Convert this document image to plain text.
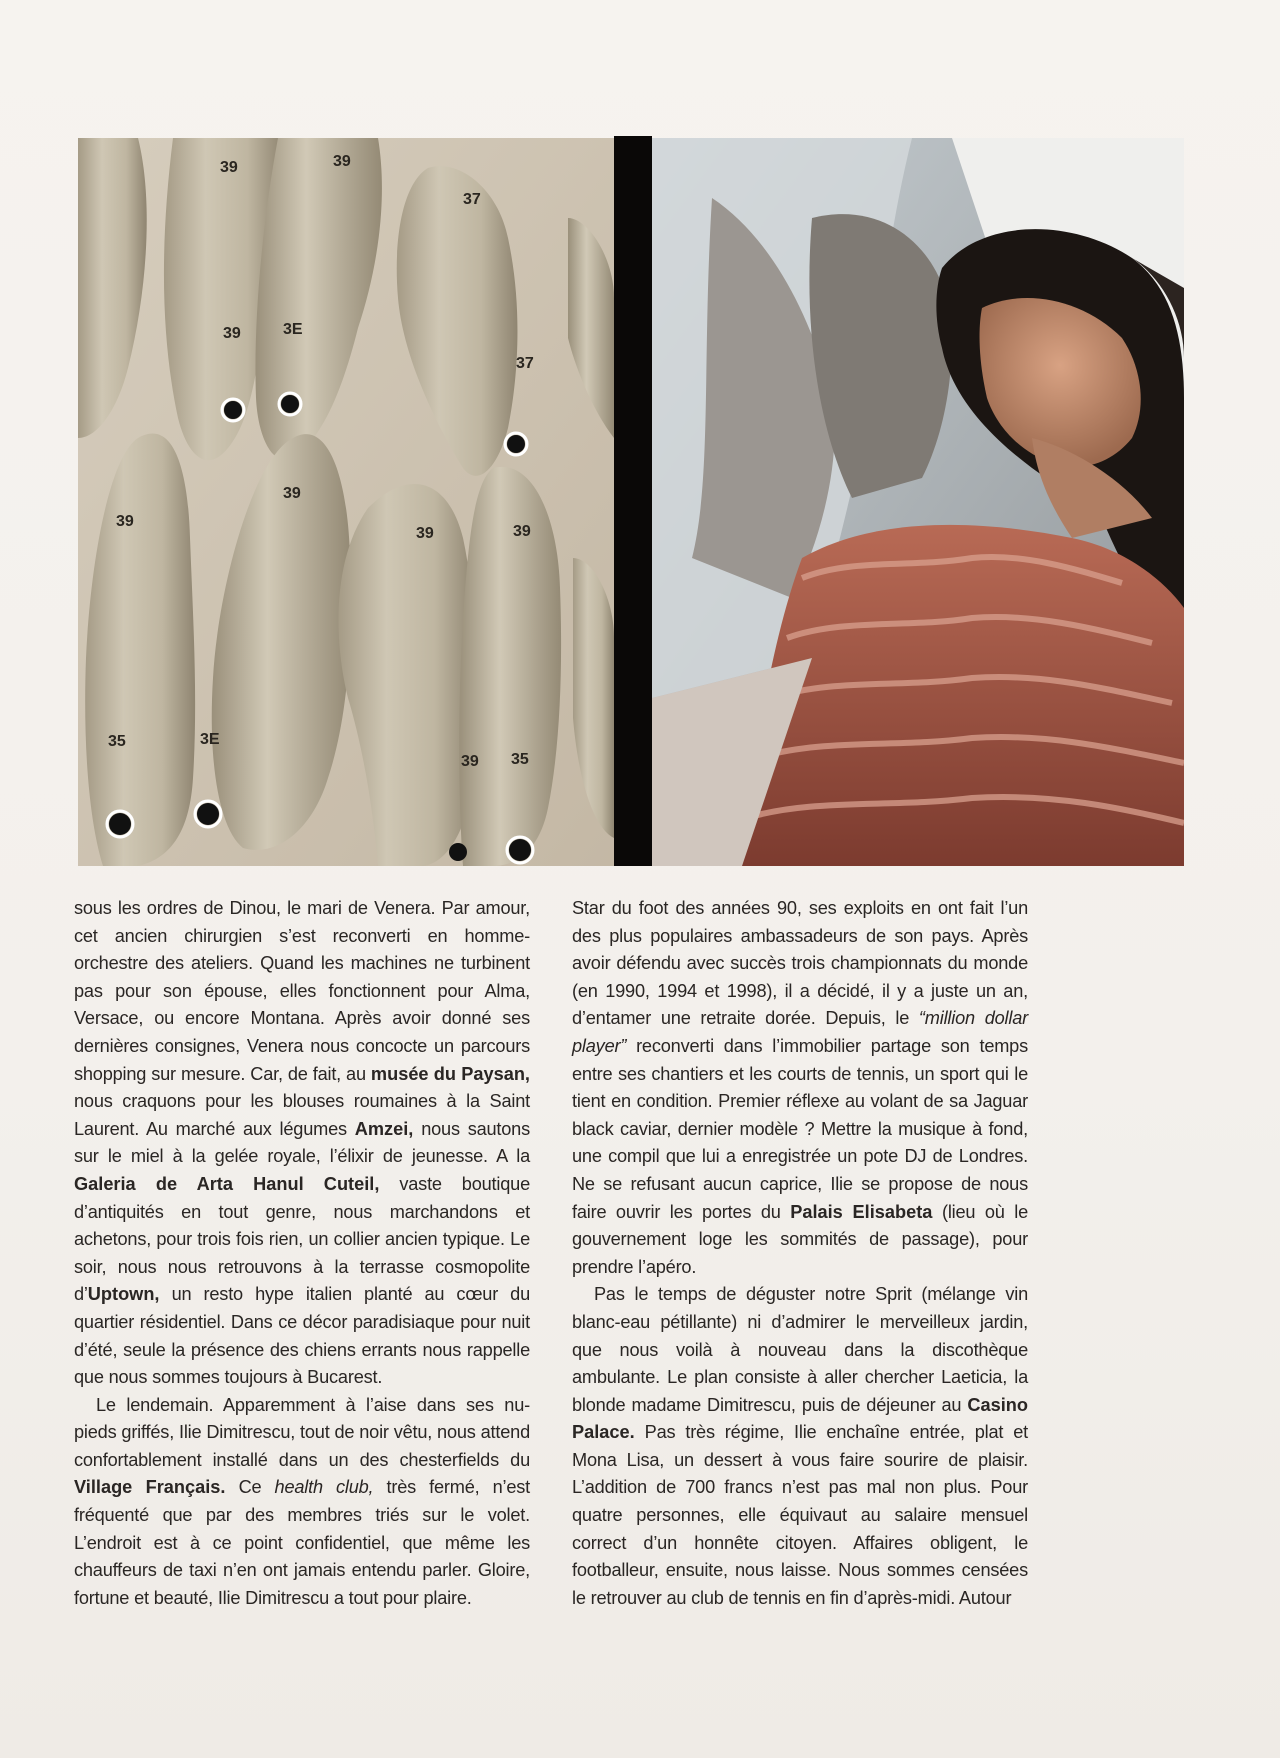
39	39
37
39	3E
37
39
39
39	39
35	3E
39 35

sous les ordres de Dinou, le mari de Venera. Par amour, cet ancien chirurgien s’est reconverti en homme-orchestre des ateliers. Quand les machines ne turbinent pas pour son épouse, elles fonctionnent pour Alma, Versace, ou encore Montana. Après avoir donné ses dernières consignes, Venera nous concocte un parcours shopping sur mesure. Car, de fait, au musée du Paysan, nous craquons pour les blouses roumaines à la Saint Laurent. Au marché aux légumes Amzei, nous sautons sur le miel à la gelée royale, l’élixir de jeunesse. A la Galeria de Arta Hanul Cuteil, vaste boutique d’antiquités en tout genre, nous marchandons et achetons, pour trois fois rien, un collier ancien typique. Le soir, nous nous retrouvons à la terrasse cosmopolite d’Uptown, un resto hype italien planté au cœur du quartier résidentiel. Dans ce décor paradisiaque pour nuit d’été, seule la présence des chiens errants nous rappelle que nous sommes toujours à Bucarest.

Le lendemain. Apparemment à l’aise dans ses nu-pieds griffés, Ilie Dimitrescu, tout de noir vêtu, nous attend confortablement installé dans un des chesterfields du Village Français. Ce health club, très fermé, n’est fréquenté que par des membres triés sur le volet. L’endroit est à ce point confidentiel, que même les chauffeurs de taxi n’en ont jamais entendu parler. Gloire, fortune et beauté, Ilie Dimitrescu a tout pour plaire.

Star du foot des années 90, ses exploits en ont fait l’un des plus populaires ambassadeurs de son pays. Après avoir défendu avec succès trois championnats du monde (en 1990, 1994 et 1998), il a décidé, il y a juste un an, d’entamer une retraite dorée. Depuis, le “million dollar player” reconverti dans l’immobilier partage son temps entre ses chantiers et les courts de tennis, un sport qui le tient en condition. Premier réflexe au volant de sa Jaguar black caviar, dernier modèle ? Mettre la musique à fond, une compil que lui a enregistrée un pote DJ de Londres. Ne se refusant aucun caprice, Ilie se propose de nous faire ouvrir les portes du Palais Elisabeta (lieu où le gouvernement loge les sommités de passage), pour prendre l’apéro.

Pas le temps de déguster notre Sprit (mélange vin blanc-eau pétillante) ni d’admirer le merveilleux jardin, que nous voilà à nouveau dans la discothèque ambulante. Le plan consiste à aller chercher Laeticia, la blonde madame Dimitrescu, puis de déjeuner au Casino Palace. Pas très régime, Ilie enchaîne entrée, plat et Mona Lisa, un dessert à vous faire sourire de plaisir. L’addition de 700 francs n’est pas mal non plus. Pour quatre personnes, elle équivaut au salaire mensuel correct d’un honnête citoyen. Affaires obligent, le footballeur, ensuite, nous laisse. Nous sommes censées le retrouver au club de tennis en fin d’après-midi. Autour
